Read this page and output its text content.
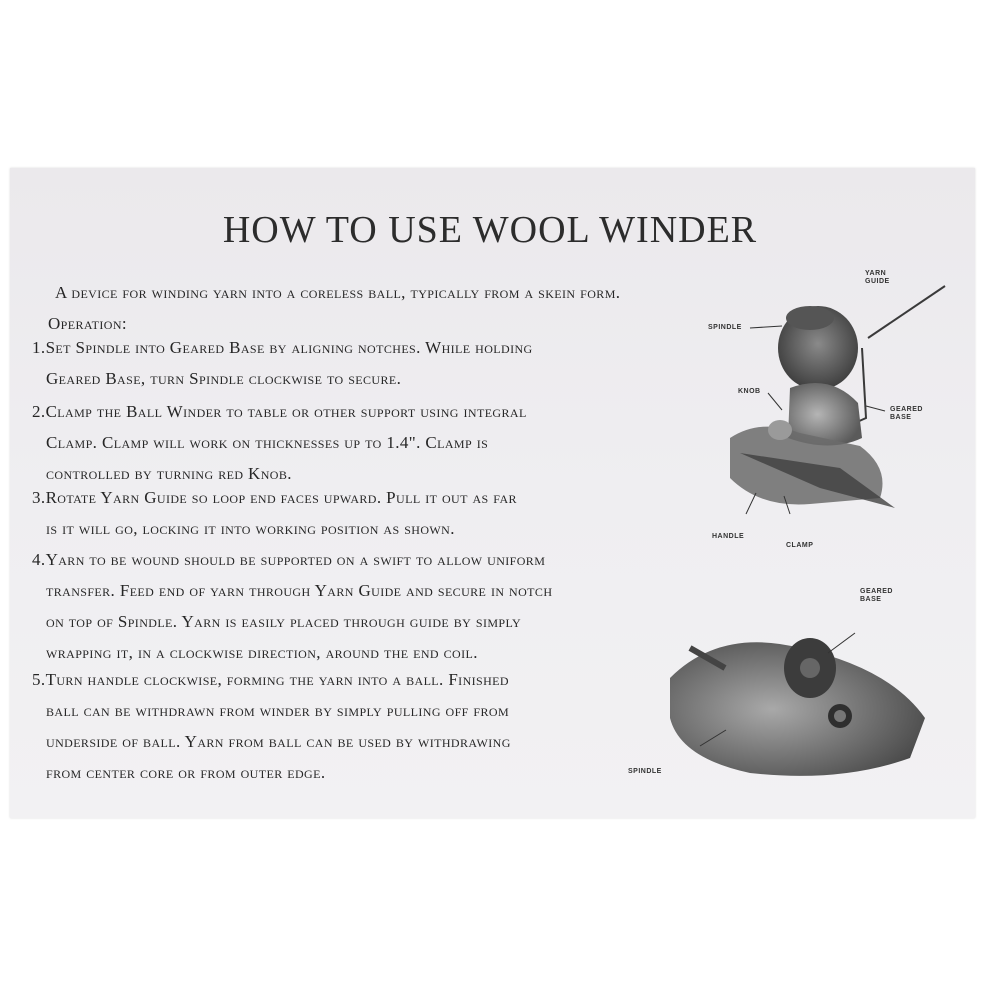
HOW TO USE WOOL WINDER
A device for winding yarn into a coreless ball, typically from a skein form.
Operation:
1.Set Spindle into Geared Base by aligning notches. While holding
Geared Base, turn Spindle clockwise to secure.
2.Clamp the Ball Winder to table or other support using integral
Clamp. Clamp will work on thicknesses up to 1.4". Clamp is
controlled by turning red Knob.
3.Rotate Yarn Guide so loop end faces upward. Pull it out as far
is it will go, locking it into working position as shown.
4.Yarn to be wound should be supported on a swift to allow uniform
transfer. Feed end of yarn through Yarn Guide and secure in notch
on top of Spindle. Yarn is easily placed through guide by simply
wrapping it, in a clockwise direction, around the end coil.
5.Turn handle clockwise, forming the yarn into a ball. Finished
ball can be withdrawn from winder by simply pulling off from
underside of ball. Yarn from ball can be used by withdrawing
from center core or from outer edge.
YARN
GUIDE
SPINDLE
KNOB
GEARED
BASE
HANDLE
CLAMP
GEARED
BASE
SPINDLE
